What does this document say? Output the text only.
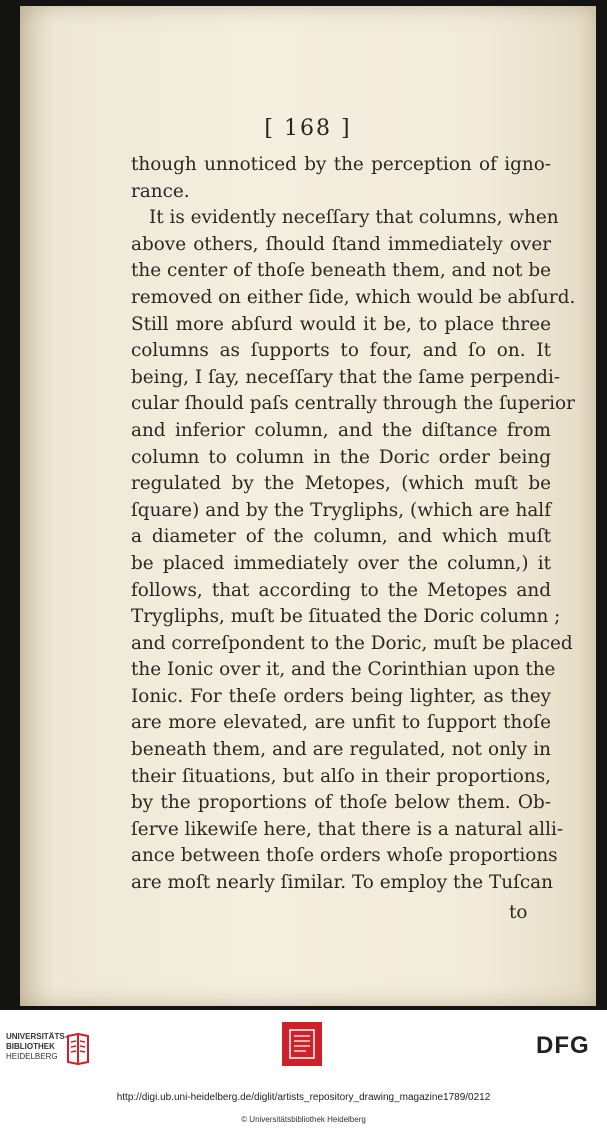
[ 168 ]
though unnoticed by the perception of igno-
rance.
It is evidently neceſſary that columns, when
above others, ſhould ſtand immediately over
the center of thoſe beneath them, and not be
removed on either ſide, which would be abſurd.
Still more abſurd would it be, to place three
columns as ſupports to four, and ſo on. It
being, I ſay, neceſſary that the ſame perpendi-
cular ſhould paſs centrally through the ſuperior
and inferior column, and the diſtance from
column to column in the Doric order being
regulated by the Metopes, (which muſt be
ſquare) and by the Trygliphs, (which are half
a diameter of the column, and which muſt
be placed immediately over the column,) it
follows, that according to the Metopes and
Trygliphs, muſt be ſituated the Doric column ;
and correſpondent to the Doric, muſt be placed
the Ionic over it, and the Corinthian upon the
Ionic. For theſe orders being lighter, as they
are more elevated, are unfit to ſupport thoſe
beneath them, and are regulated, not only in
their ſituations, but alſo in their proportions,
by the proportions of thoſe below them. Ob-
ſerve likewiſe here, that there is a natural alli-
ance between thoſe orders whoſe proportions
are moſt nearly ſimilar. To employ the Tuſcan
to
UNIVERSITÄTS-
BIBLIOTHEK
HEIDELBERG	DFG
http://digi.ub.uni-heidelberg.de/diglit/artists_repository_drawing_magazine1789/0212
© Universitätsbibliothek Heidelberg
